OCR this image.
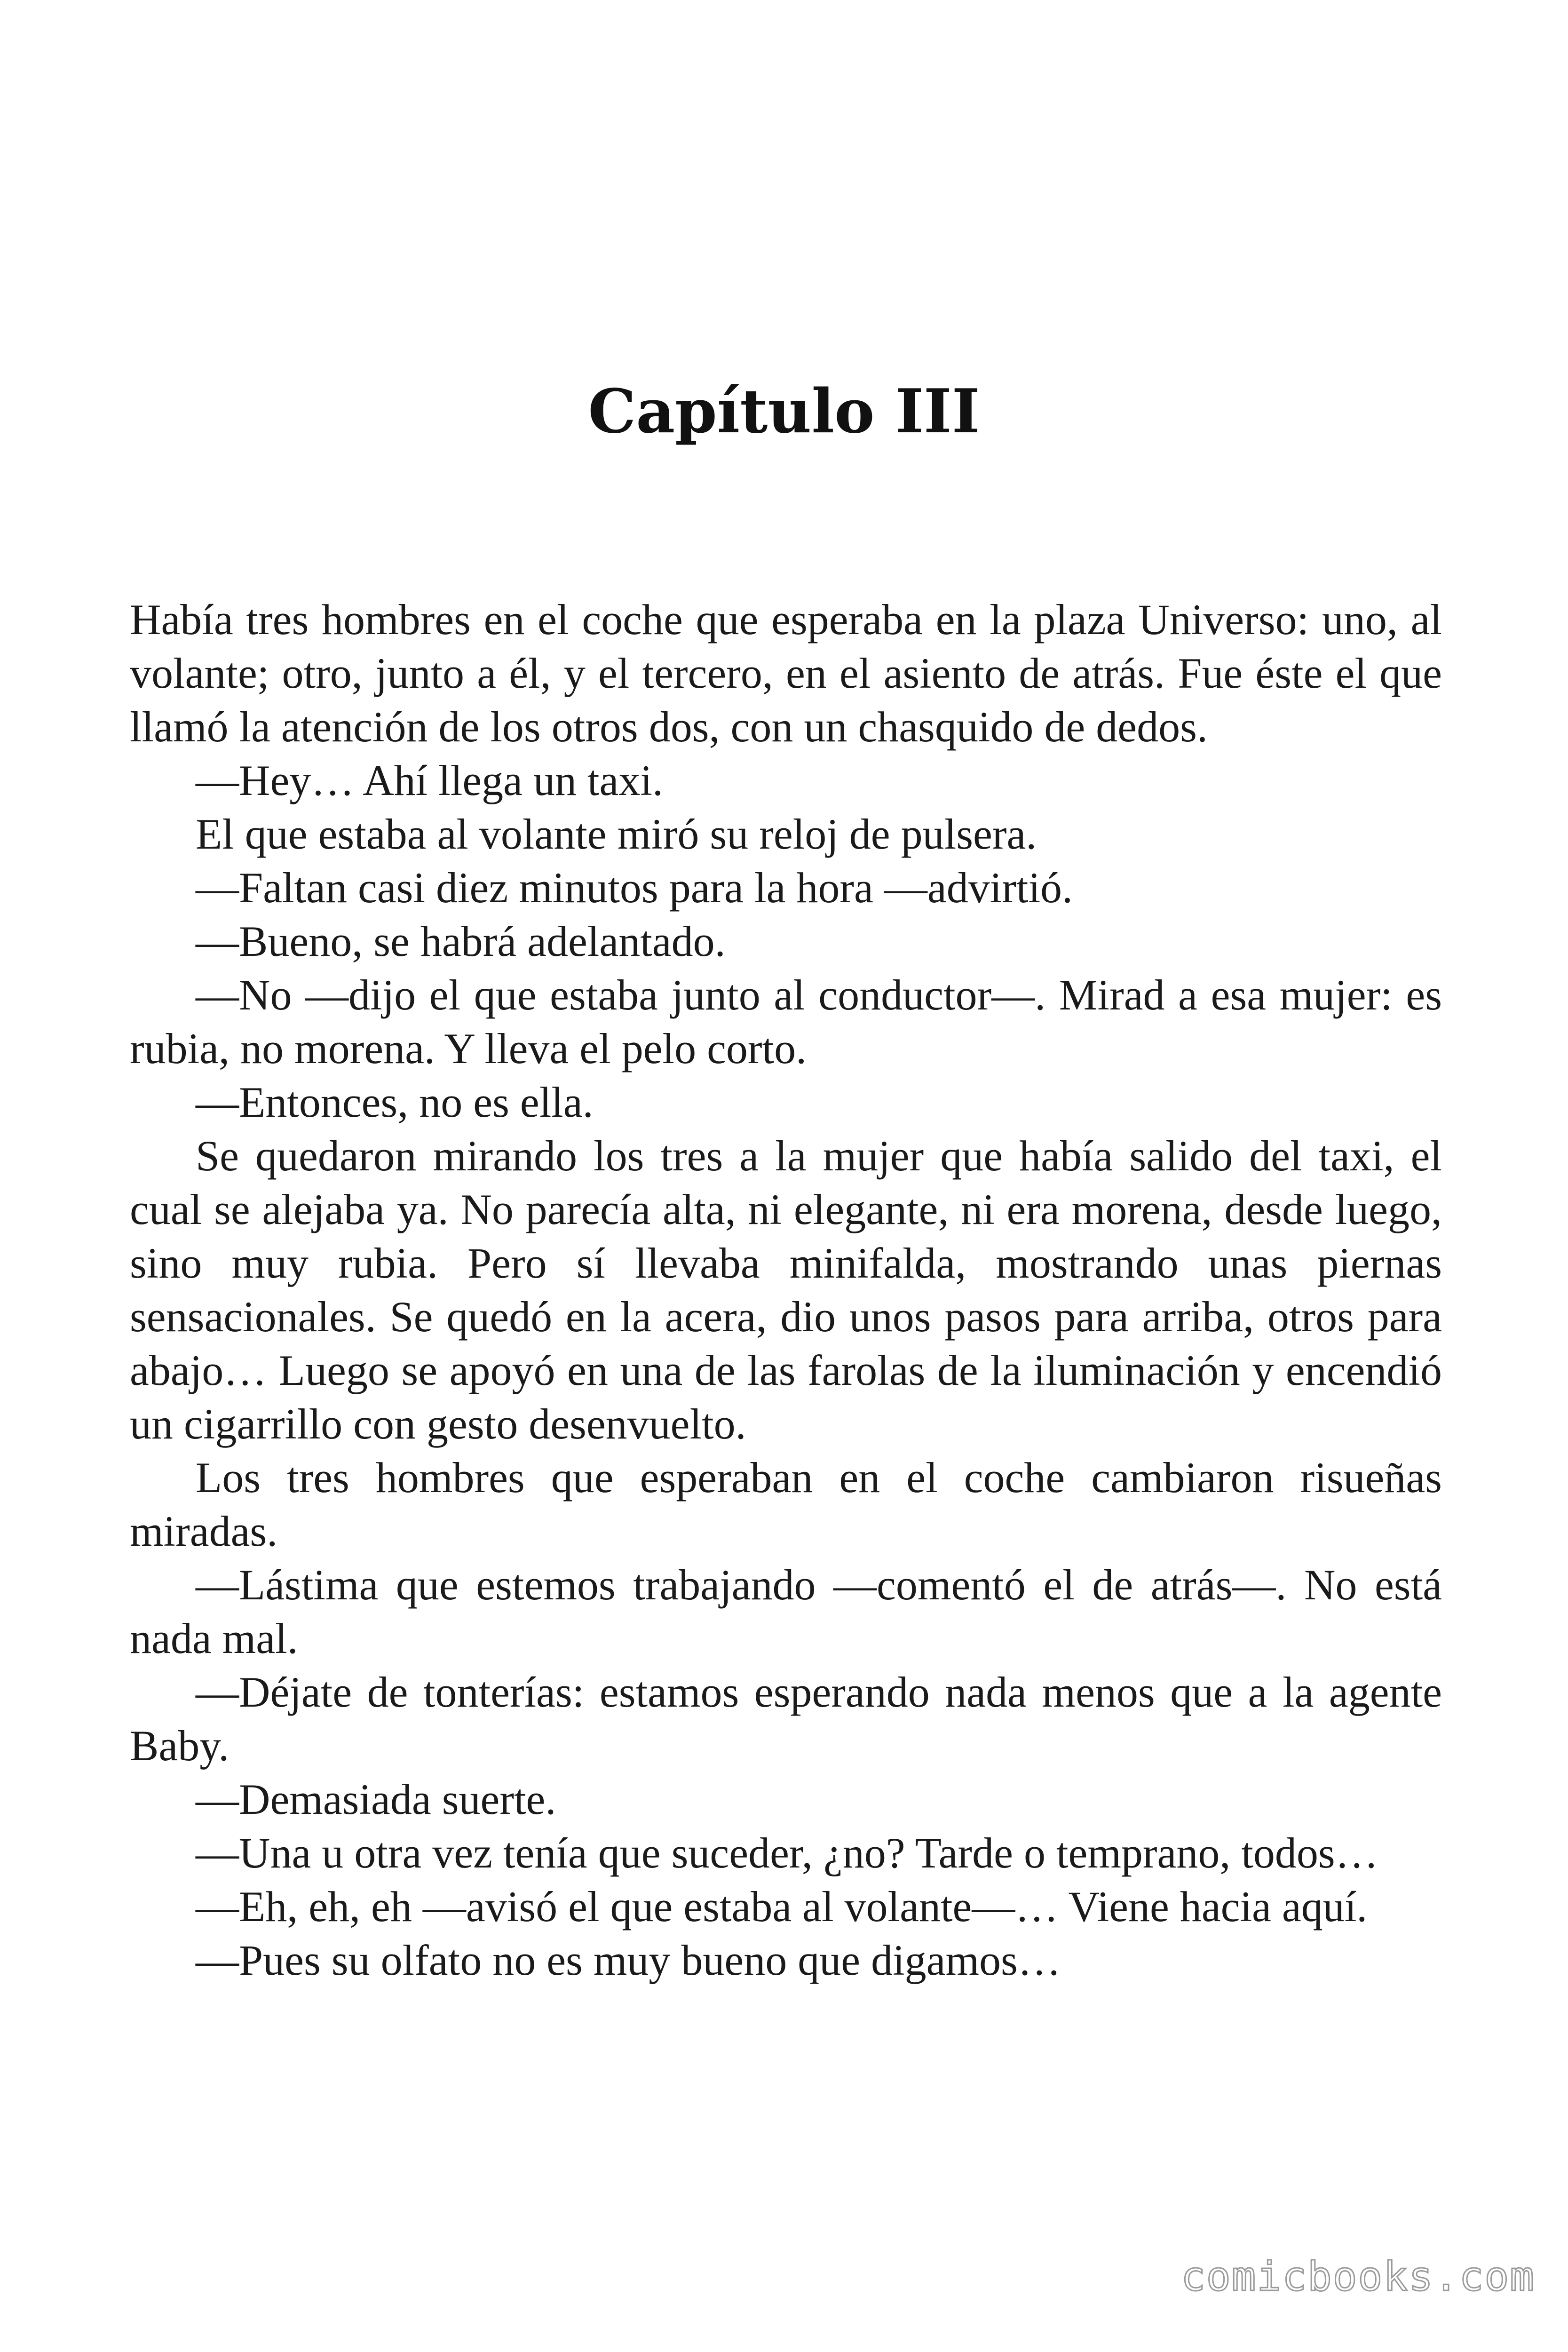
Capítulo III

Había tres hombres en el coche que esperaba en la plaza Universo: uno, al volante; otro, junto a él, y el tercero, en el asiento de atrás. Fue éste el que llamó la atención de los otros dos, con un chasquido de dedos.

—Hey… Ahí llega un taxi.

El que estaba al volante miró su reloj de pulsera.

—Faltan casi diez minutos para la hora —advirtió.

—Bueno, se habrá adelantado.

—No —dijo el que estaba junto al conductor—. Mirad a esa mujer: es rubia, no morena. Y lleva el pelo corto.

—Entonces, no es ella.

Se quedaron mirando los tres a la mujer que había salido del taxi, el cual se alejaba ya. No parecía alta, ni elegante, ni era morena, desde luego, sino muy rubia. Pero sí llevaba minifalda, mostrando unas piernas sensacionales. Se quedó en la acera, dio unos pasos para arriba, otros para abajo… Luego se apoyó en una de las farolas de la iluminación y encendió un cigarrillo con gesto desenvuelto.

Los tres hombres que esperaban en el coche cambiaron risueñas miradas.

—Lástima que estemos trabajando —comentó el de atrás—. No está nada mal.

—Déjate de tonterías: estamos esperando nada menos que a la agente Baby.

—Demasiada suerte.

—Una u otra vez tenía que suceder, ¿no? Tarde o temprano, todos…

—Eh, eh, eh —avisó el que estaba al volante—… Viene hacia aquí.

—Pues su olfato no es muy bueno que digamos…

comicbooks.com
